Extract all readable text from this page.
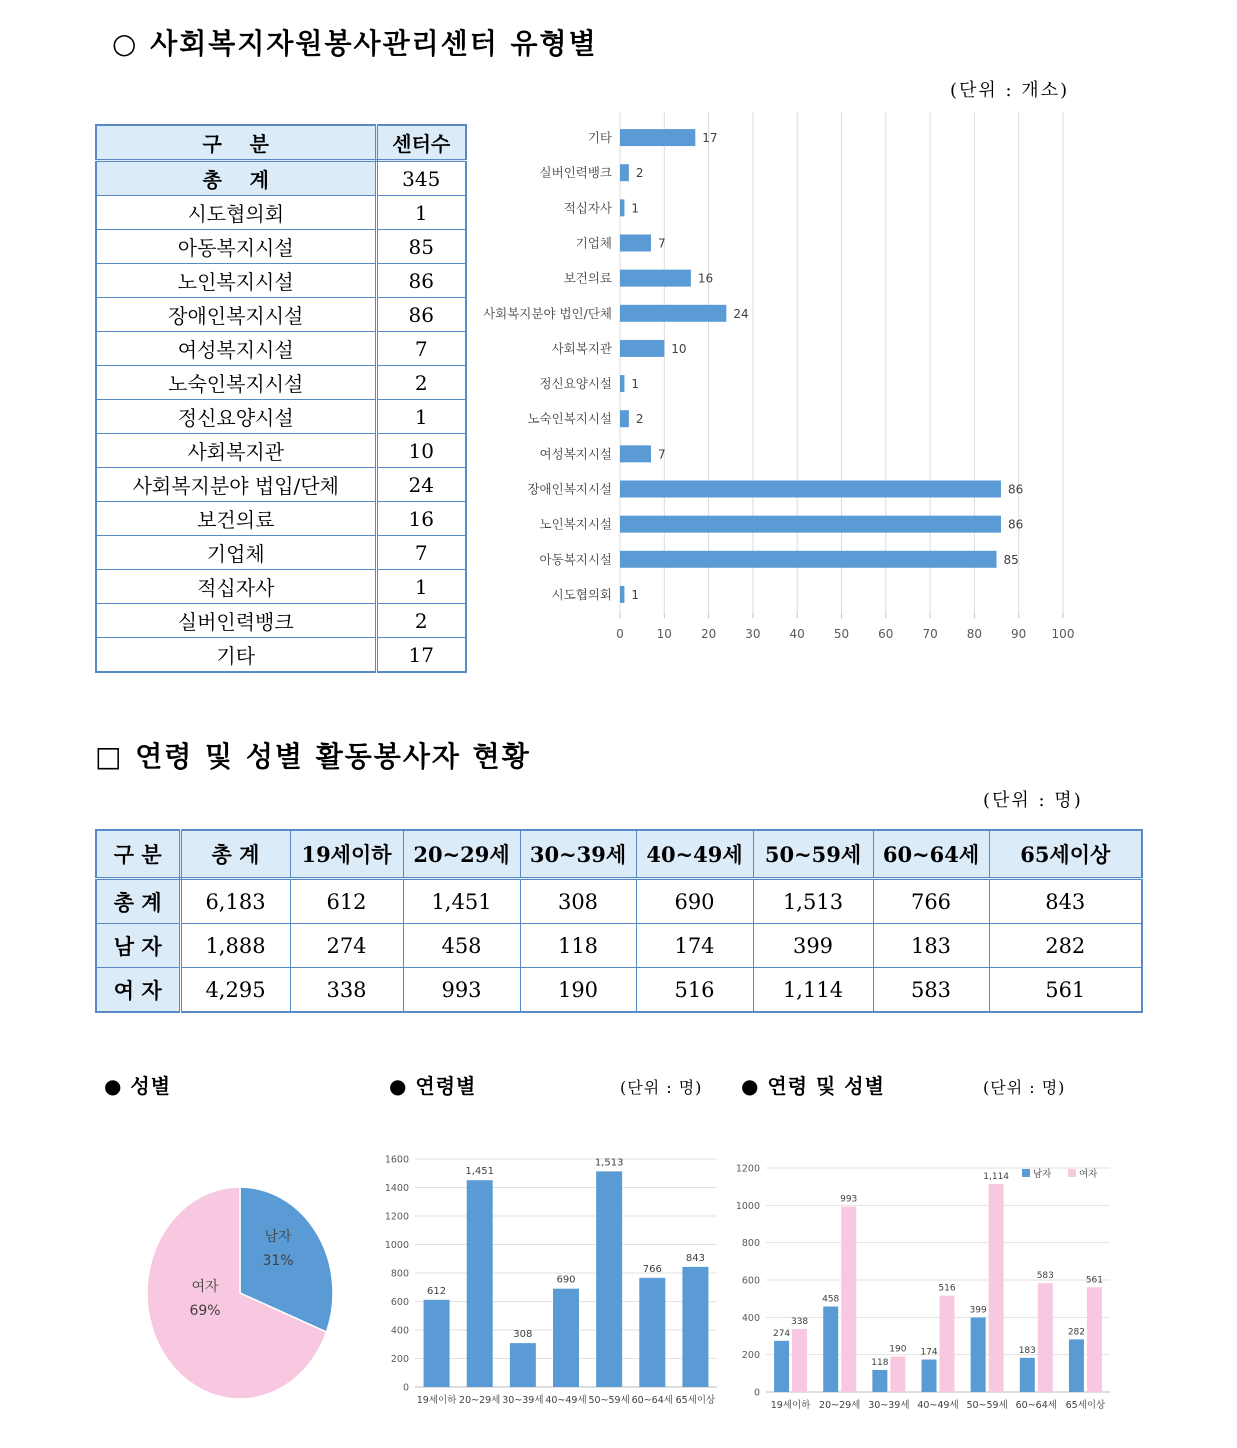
○ 사회복지자원봉사관리센터 유형별
(단위 : 개소)
구    분	센터수
총    계	345
시도협의회	1
아동복지시설	85
노인복지시설	86
장애인복지시설	86
여성복지시설	7
노숙인복지시설	2
정신요양시설	1
사회복지관	10
사회복지분야 법입/단체	24
보건의료	16
기업체	7
적십자사	1
실버인력뱅크	2
기타	17
0	10 20 30 40 50 60 70 80 90 100
기타	17
실버인력뱅크 2
적십자사 1
기업체	7
보건의료	16
사회복지분야 법인/단체	24
사회복지관	10
정신요양시설 1
노숙인복지시설 2
여성복지시설	7
장애인복지시설	86
노인복지시설	86
아동복지시설	85
시도협의회 1
□ 연령 및 성별 활동봉사자 현황
(단위 : 명)
구 분	총 계	19세이하	20~29세	30~39세	40~49세	50~59세	60~64세	65세이상
총 계	6,183	612	1,451	308	690	1,513	766	843
남 자	1,888	274	458	118	174	399	183	282
여 자	4,295	338	993	190	516	1,114	583	561
● 성별	● 연령별	(단위 : 명) ● 연령 및 성별	(단위 : 명)
남자
31%
여자
69%
0
200
400
600
800
1000
1200
1400
1600
612
19세이하
1,451
20~29세
308
30~39세
690
40~49세
1,513
50~59세
766
60~64세
843
65세이상
0
200
400
600
800
1000
1200
274
458
118
174
399
183
282
338
993
190
516
1,114
583	561
19세이하 20~29세 30~39세 40~49세 50~59세 60~64세 65세이상
남자	여자
